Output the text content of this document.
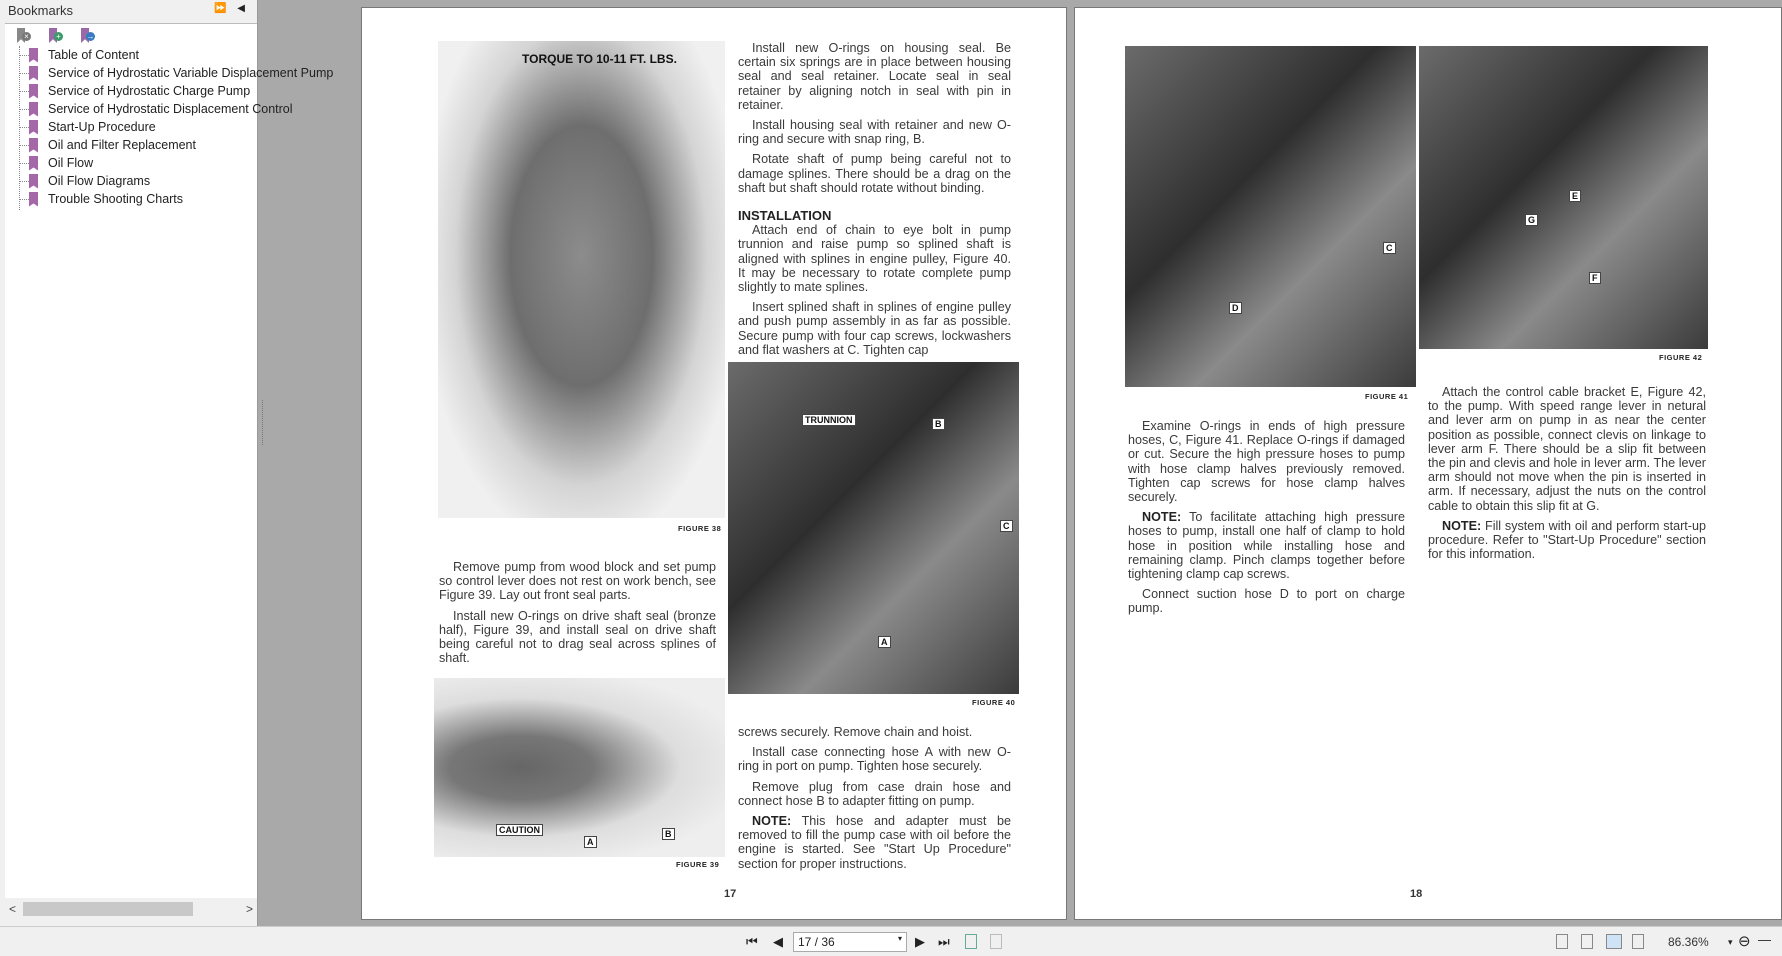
Bookmarks	⏩ ◀
×	+	→
Table of Content
Service of Hydrostatic Variable Displacement Pump
Service of Hydrostatic Charge Pump
Service of Hydrostatic Displacement Control
Start-Up Procedure
Oil and Filter Replacement
Oil Flow
Oil Flow Diagrams
Trouble Shooting Charts
<	>
TORQUE TO 10-11 FT. LBS.
FIGURE 38

Remove pump from wood block and set pump so control lever does not rest on work bench, see Figure 39. Lay out front seal parts.

Install new O-rings on drive shaft seal (bronze half), Figure 39, and install seal on drive shaft being careful not to drag seal across splines of shaft.

CAUTION
A
B
FIGURE 39

Install new O-rings on housing seal. Be certain six springs are in place between housing seal and seal retainer. Locate seal in seal retainer by aligning notch in seal with pin in retainer.

Install housing seal with retainer and new O-ring and secure with snap ring, B.

Rotate shaft of pump being careful not to damage splines. There should be a drag on the shaft but shaft should rotate without binding.

INSTALLATION

Attach end of chain to eye bolt in pump trunnion and raise pump so splined shaft is aligned with splines in engine pulley, Figure 40. It may be necessary to rotate complete pump slightly to mate splines.

Insert splined shaft in splines of engine pulley and push pump assembly in as far as possible. Secure pump with four cap screws, lockwashers and flat washers at C. Tighten cap

TRUNNION	B
C
A
FIGURE 40

screws securely. Remove chain and hoist.

Install case connecting hose A with new O-ring in port on pump. Tighten hose securely.

Remove plug from case drain hose and connect hose B to adapter fitting on pump.

NOTE: This hose and adapter must be removed to fill the pump case with oil before the engine is started. See "Start Up Procedure" section for proper instructions.

17
C
D
FIGURE 41
E
G
F
FIGURE 42

Examine O-rings in ends of high pressure hoses, C, Figure 41. Replace O-rings if damaged or cut. Secure the high pressure hoses to pump with hose clamp halves previously removed. Tighten cap screws for hose clamp halves securely.

NOTE: To facilitate attaching high pressure hoses to pump, install one half of clamp to hold hose in position while installing hose and remaining clamp. Pinch clamps together before tightening clamp cap screws.

Connect suction hose D to port on charge pump.

Attach the control cable bracket E, Figure 42, to the pump. With speed range lever in netural and lever arm on pump in as near the center position as possible, connect clevis on linkage to lever arm F. There should be a slip fit between the pin and clevis and hole in lever arm. The lever arm should not move when the pin is inserted in arm. If necessary, adjust the nuts on the control cable to obtain this slip fit at G.

NOTE: Fill system with oil and perform start-up procedure. Refer to "Start-Up Procedure" section for this information.

18
⏮ ◀	17 / 36	▾ ▶ ⏭	86.36% ▾ ⊖ —
